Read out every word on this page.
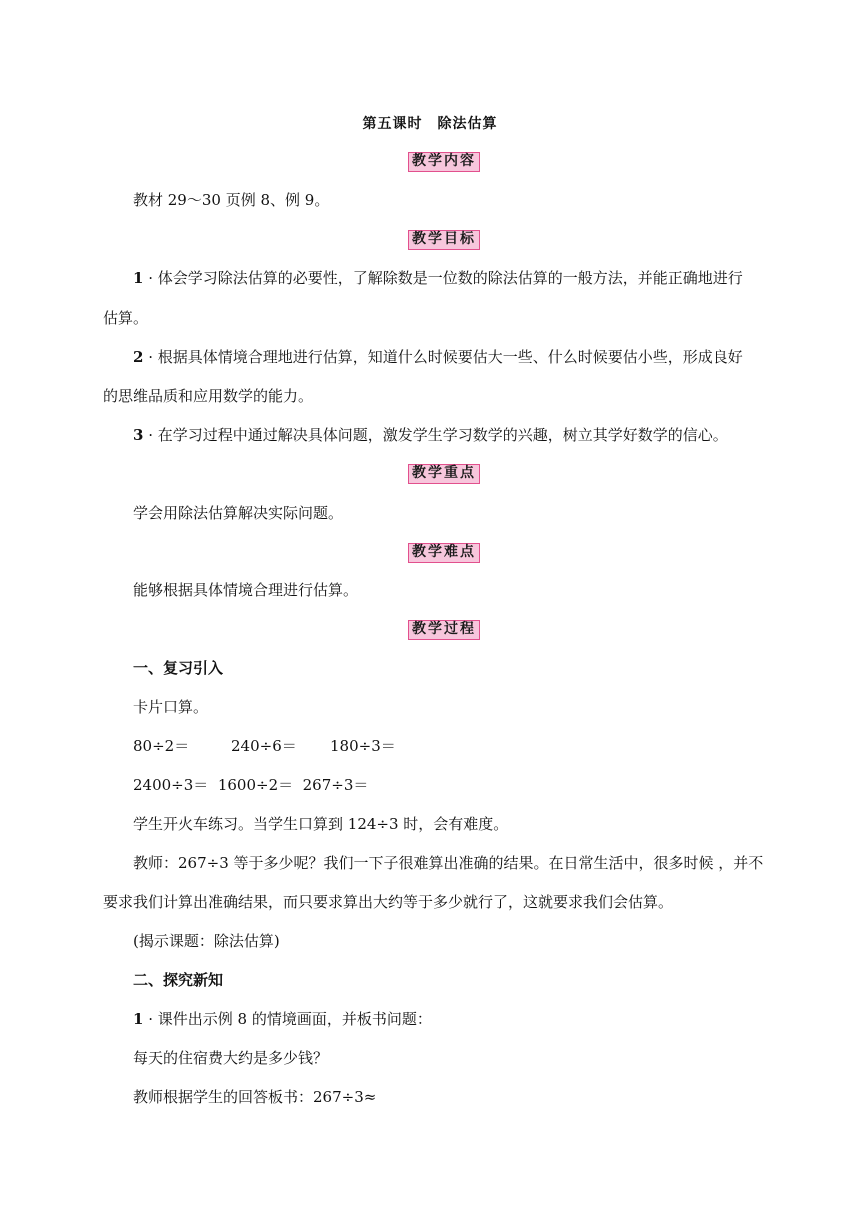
第五课时　除法估算
教学内容
教材 29～30 页例 8、例 9。
教学目标
1 · 体会学习除法估算的必要性，了解除数是一位数的除法估算的一般方法，并能正确地进行
估算。
2 · 根据具体情境合理地进行估算，知道什么时候要估大一些、什么时候要估小些，形成良好
的思维品质和应用数学的能力。
3 · 在学习过程中通过解决具体问题，激发学生学习数学的兴趣，树立其学好数学的信心。
教学重点
学会用除法估算解决实际问题。
教学难点
能够根据具体情境合理进行估算。
教学过程
一、复习引入
卡片口算。
80÷2＝	240÷6＝ 180÷3＝
2400÷3＝  1600÷2＝  267÷3＝
学生开火车练习。当学生口算到 124÷3 时，会有难度。
教师：267÷3 等于多少呢？我们一下子很难算出准确的结果。在日常生活中，很多时候 ，并不
要求我们计算出准确结果，而只要求算出大约等于多少就行了，这就要求我们会估算。
(揭示课题：除法估算)
二、探究新知
1 · 课件出示例 8 的情境画面，并板书问题：
每天的住宿费大约是多少钱？
教师根据学生的回答板书：267÷3≈
